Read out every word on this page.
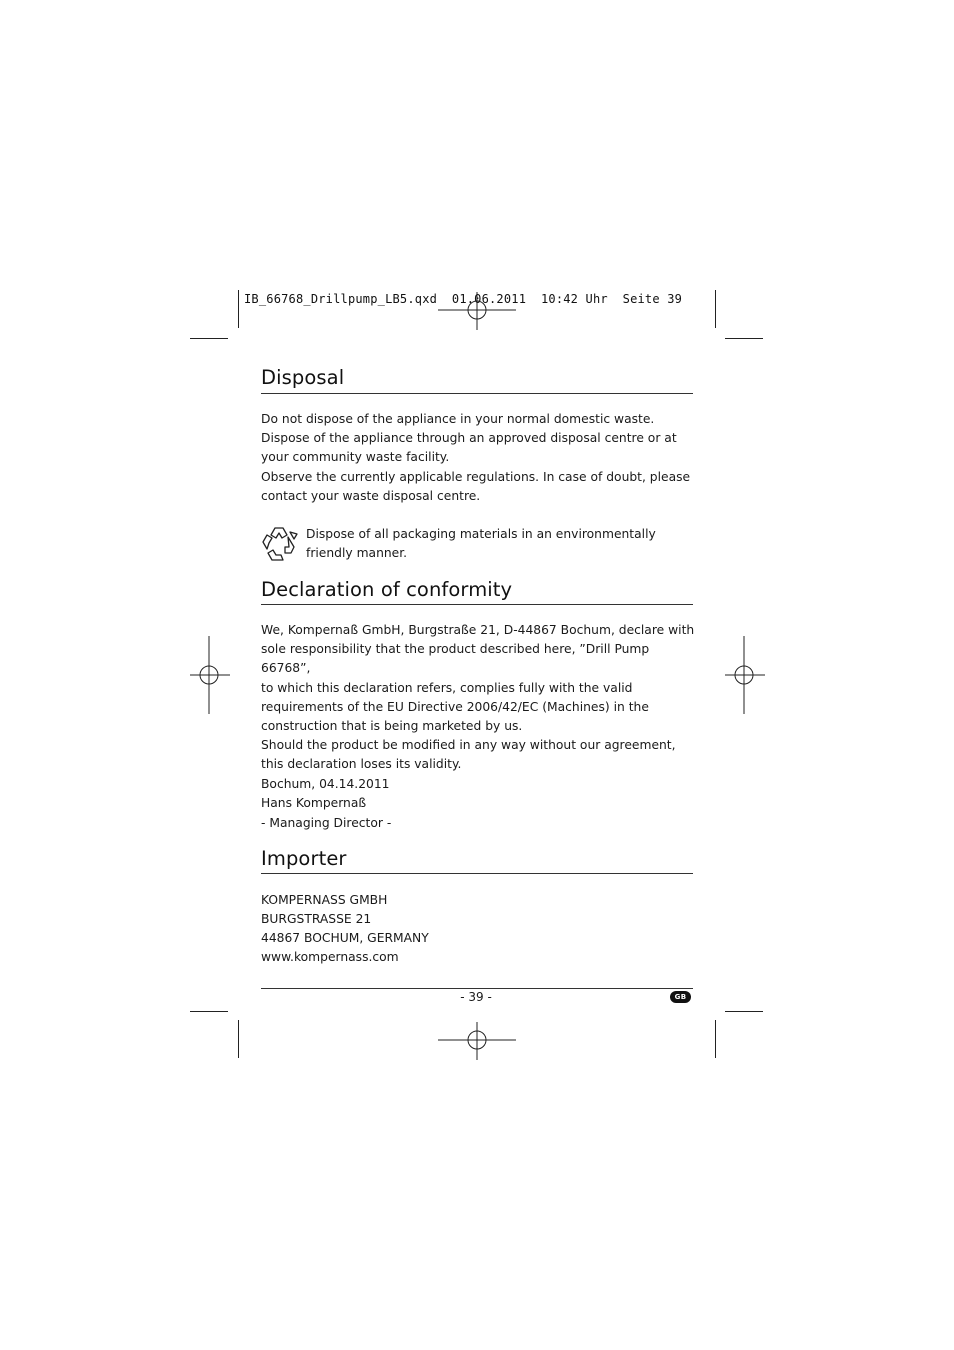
IB_66768_Drillpump_LB5.qxd  01.06.2011  10:42 Uhr  Seite 39
Disposal

Do not dispose of the appliance in your normal domestic waste.
Dispose of the appliance through an approved disposal centre or at your community waste facility.
Observe the currently applicable regulations. In case of doubt, please contact your waste disposal centre.

Dispose of all packaging materials in an environmentally friendly manner.

Declaration of conformity

We, Kompernaß GmbH, Burgstraße 21, D-44867 Bochum, declare with sole responsibility that the product described here, ”Drill Pump 66768”,
to which this declaration refers, complies fully with the valid requirements of the EU Directive 2006/42/EC (Machines) in the construction that is being marketed by us.
Should the product be modified in any way without our agreement,
this declaration loses its validity.

Bochum, 04.14.2011

Hans Kompernaß

- Managing Director -

Importer

KOMPERNASS GMBH

BURGSTRASSE 21

44867 BOCHUM, GERMANY

www.kompernass.com

- 39 -	GB
